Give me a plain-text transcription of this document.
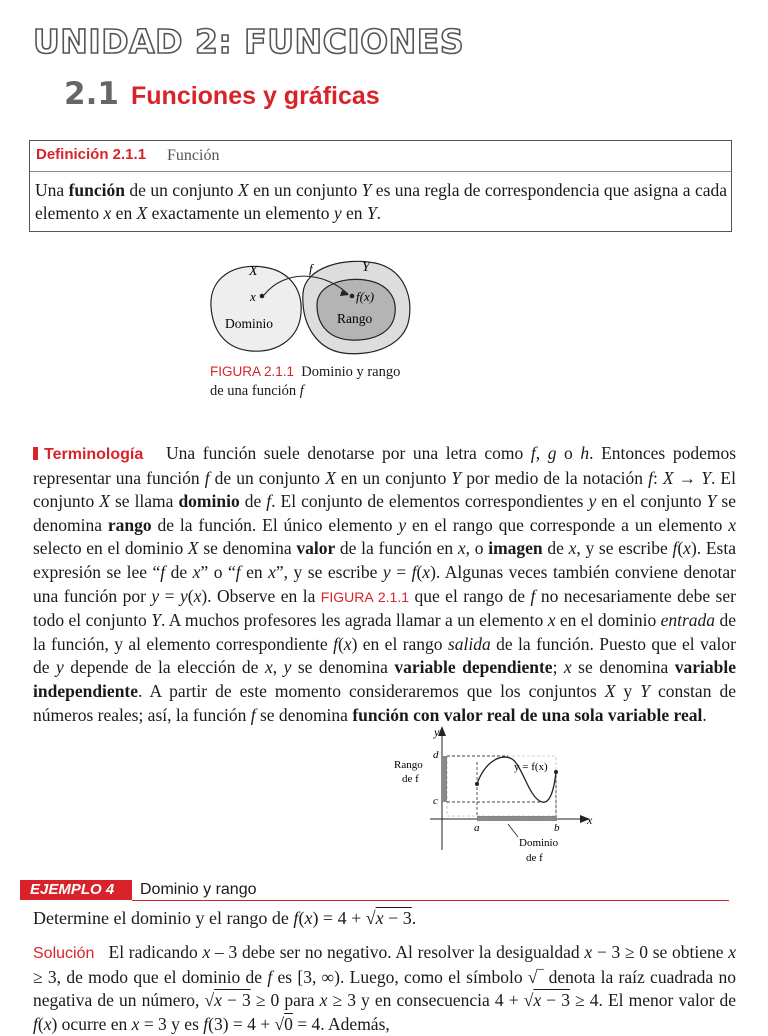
UNIDAD 2: FUNCIONES
2.1 Funciones y gráficas
Definición 2.1.1 Función
Una función de un conjunto X en un conjunto Y es una regla de correspondencia que asigna a cada elemento x en X exactamente un elemento y en Y.
X	f	Y
x	f(x)
Dominio	Rango
FIGURA 2.1.1 Dominio y rango
de una función f
Terminología Una función suele denotarse por una letra como f, g o h. Entonces podemos representar una función f de un conjunto X en un conjunto Y por medio de la notación f: X → Y. El conjunto X se llama dominio de f. El conjunto de elementos correspondientes y en el conjunto Y se denomina rango de la función. El único elemento y en el rango que corresponde a un elemento x selecto en el dominio X se denomina valor de la función en x, o imagen de x, y se escribe f(x). Esta expresión se lee “f de x” o “f en x”, y se escribe y = f(x). Algunas veces también conviene denotar una función por y = y(x). Observe en la FIGURA 2.1.1 que el rango de f no necesariamente debe ser todo el conjunto Y. A muchos profesores les agrada llamar a un elemento x en el dominio entrada de la función, y al elemento correspondiente f(x) en el rango salida de la función. Puesto que el valor de y depende de la elección de x, y se denomina variable dependiente; x se denomina variable independiente. A partir de este momento consideraremos que los conjuntos X y Y constan de números reales; así, la función f se denomina función con valor real de una sola variable real.
y
x
d
c
a	b
y = f(x)
Rango
de f
Dominio
de f
EJEMPLO 4 Dominio y rango
Determine el dominio y el rango de f(x) = 4 + √x − 3.
Solución El radicando x – 3 debe ser no negativo. Al resolver la desigualdad x − 3 ≥ 0 se obtiene x ≥ 3, de modo que el dominio de f es [3, ∞). Luego, como el símbolo √‾ denota la raíz cuadrada no negativa de un número, √x − 3 ≥ 0 para x ≥ 3 y en consecuencia 4 + √x − 3 ≥ 4. El menor valor de f(x) ocurre en x = 3 y es f(3) = 4 + √0 = 4. Además,
